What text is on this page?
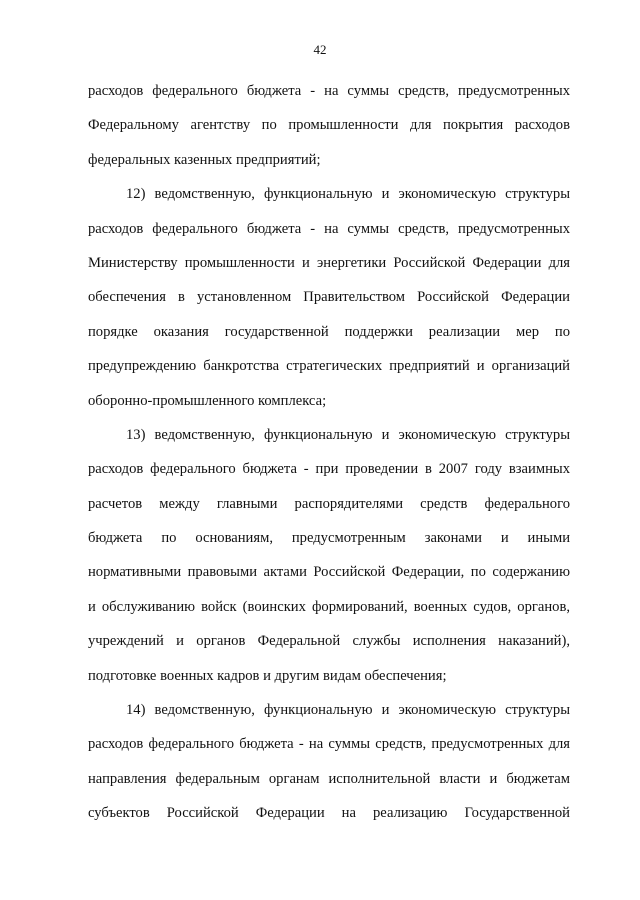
42
расходов федерального бюджета - на суммы средств, предусмотренных
Федеральному агентству по промышленности для покрытия расходов
федеральных казенных предприятий;
12) ведомственную, функциональную и экономическую структуры
расходов федерального бюджета - на суммы средств, предусмотренных
Министерству промышленности и энергетики Российской Федерации для
обеспечения в установленном Правительством Российской Федерации
порядке оказания государственной поддержки реализации мер по
предупреждению банкротства стратегических предприятий и организаций
оборонно-промышленного комплекса;
13) ведомственную, функциональную и экономическую структуры
расходов федерального бюджета - при проведении в 2007 году взаимных
расчетов между главными распорядителями средств федерального
бюджета по основаниям, предусмотренным законами и иными
нормативными правовыми актами Российской Федерации, по содержанию
и обслуживанию войск (воинских формирований, военных судов, органов,
учреждений и органов Федеральной службы исполнения наказаний),
подготовке военных кадров и другим видам обеспечения;
14) ведомственную, функциональную и экономическую структуры
расходов федерального бюджета - на суммы средств, предусмотренных для
направления федеральным органам исполнительной власти и бюджетам
субъектов Российской Федерации на реализацию Государственной
